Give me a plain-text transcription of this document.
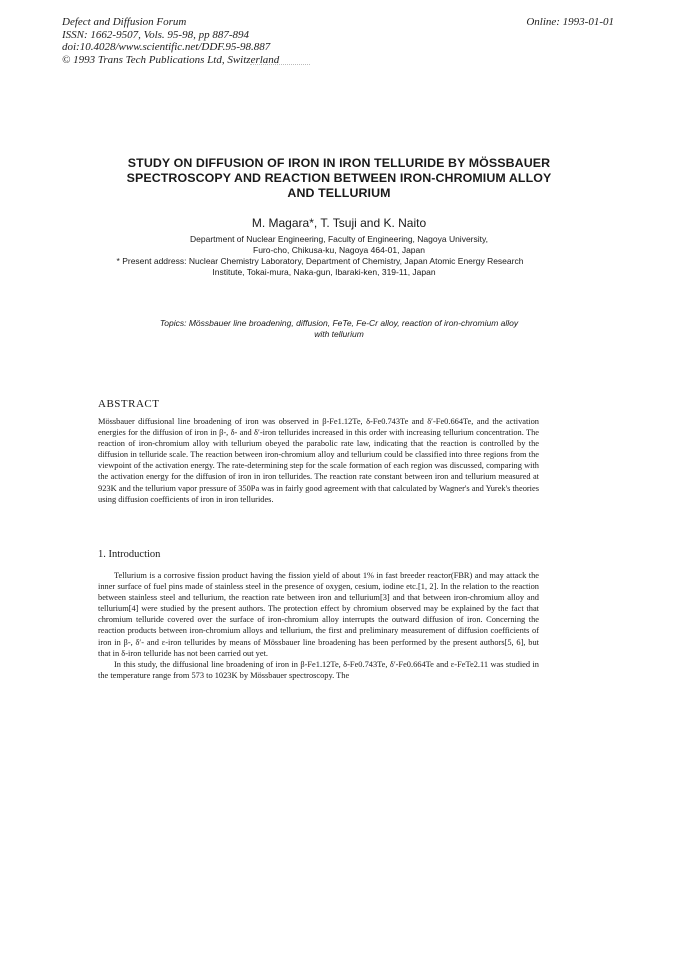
Defect and Diffusion Forum
ISSN: 1662-9507, Vols. 95-98, pp 887-894
doi:10.4028/www.scientific.net/DDF.95-98.887
© 1993 Trans Tech Publications Ltd, Switzerland
Online: 1993-01-01
STUDY ON DIFFUSION OF IRON IN IRON TELLURIDE BY MÖSSBAUER
SPECTROSCOPY AND REACTION BETWEEN IRON-CHROMIUM ALLOY
AND TELLURIUM
M. Magara*, T. Tsuji and K. Naito
Department of Nuclear Engineering, Faculty of Engineering, Nagoya University,
Furo-cho, Chikusa-ku, Nagoya 464-01, Japan
* Present address: Nuclear Chemistry Laboratory, Department of Chemistry, Japan Atomic Energy Research
Institute, Tokai-mura, Naka-gun, Ibaraki-ken, 319-11, Japan
Topics: Mössbauer line broadening, diffusion, FeTe, Fe-Cr alloy, reaction of iron-chromium alloy
with tellurium
ABSTRACT

Mössbauer diffusional line broadening of iron was observed in β-Fe1.12Te, δ-Fe0.743Te and δ′-Fe0.664Te, and the activation energies for the diffusion of iron in β-, δ- and δ′-iron tellurides increased in this order with increasing tellurium concentration. The reaction of iron-chromium alloy with tellurium obeyed the parabolic rate law, indicating that the reaction is controlled by the diffusion in telluride scale. The reaction between iron-chromium alloy and tellurium could be classified into three regions from the viewpoint of the activation energy. The rate-determining step for the scale formation of each region was discussed, comparing with the activation energy for the diffusion of iron in iron tellurides. The reaction rate constant between iron and tellurium measured at 923K and the tellurium vapor pressure of 350Pa was in fairly good agreement with that calculated by Wagner's and Yurek's theories using diffusion coefficients of iron in iron tellurides.

1. Introduction

Tellurium is a corrosive fission product having the fission yield of about 1% in fast breeder reactor(FBR) and may attack the inner surface of fuel pins made of stainless steel in the presence of oxygen, cesium, iodine etc.[1, 2]. In the relation to the reaction between stainless steel and tellurium, the reaction rate between iron and tellurium[3] and that between iron-chromium alloy and tellurium[4] were studied by the present authors. The protection effect by chromium observed may be explained by the fact that chromium telluride covered over the surface of iron-chromium alloy interrupts the outward diffusion of iron. Concerning the reaction products between iron-chromium alloys and tellurium, the first and preliminary measurement of diffusion coefficients of iron in β-, δ′- and ε-iron tellurides by means of Mössbauer line broadening has been performed by the present authors[5, 6], but that in δ-iron telluride has not been carried out yet.

In this study, the diffusional line broadening of iron in β-Fe1.12Te, δ-Fe0.743Te, δ′-Fe0.664Te and ε-FeTe2.11 was studied in the temperature range from 573 to 1023K by Mössbauer spectroscopy. The
